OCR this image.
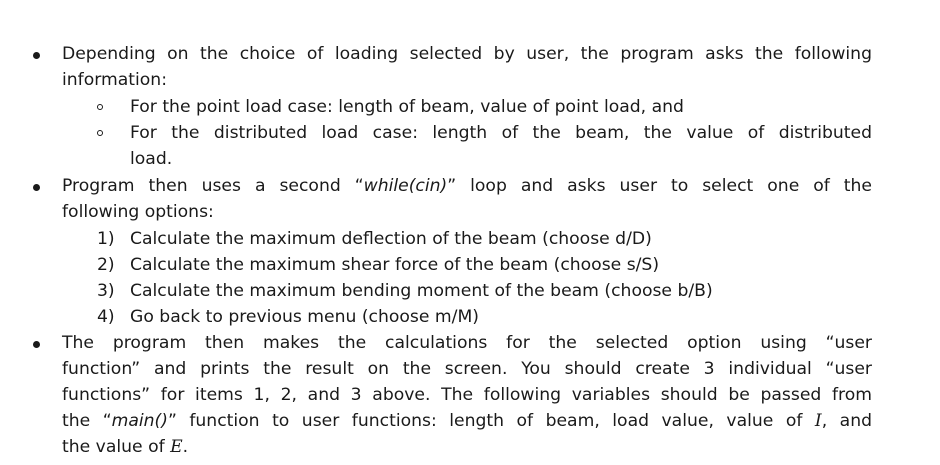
Depending on the choice of loading selected by user, the program asks the following
information:
For the point load case: length of beam, value of point load, and
For the distributed load case: length of the beam, the value of distributed
load.
Program then uses a second “while(cin)” loop and asks user to select one of the
following options:
1) Calculate the maximum deflection of the beam (choose d/D)
2) Calculate the maximum shear force of the beam (choose s/S)
3) Calculate the maximum bending moment of the beam (choose b/B)
4) Go back to previous menu (choose m/M)
The program then makes the calculations for the selected option using “user
function” and prints the result on the screen. You should create 3 individual “user
functions” for items 1, 2, and 3 above. The following variables should be passed from
the “main()” function to user functions: length of beam, load value, value of I, and
the value of E.
